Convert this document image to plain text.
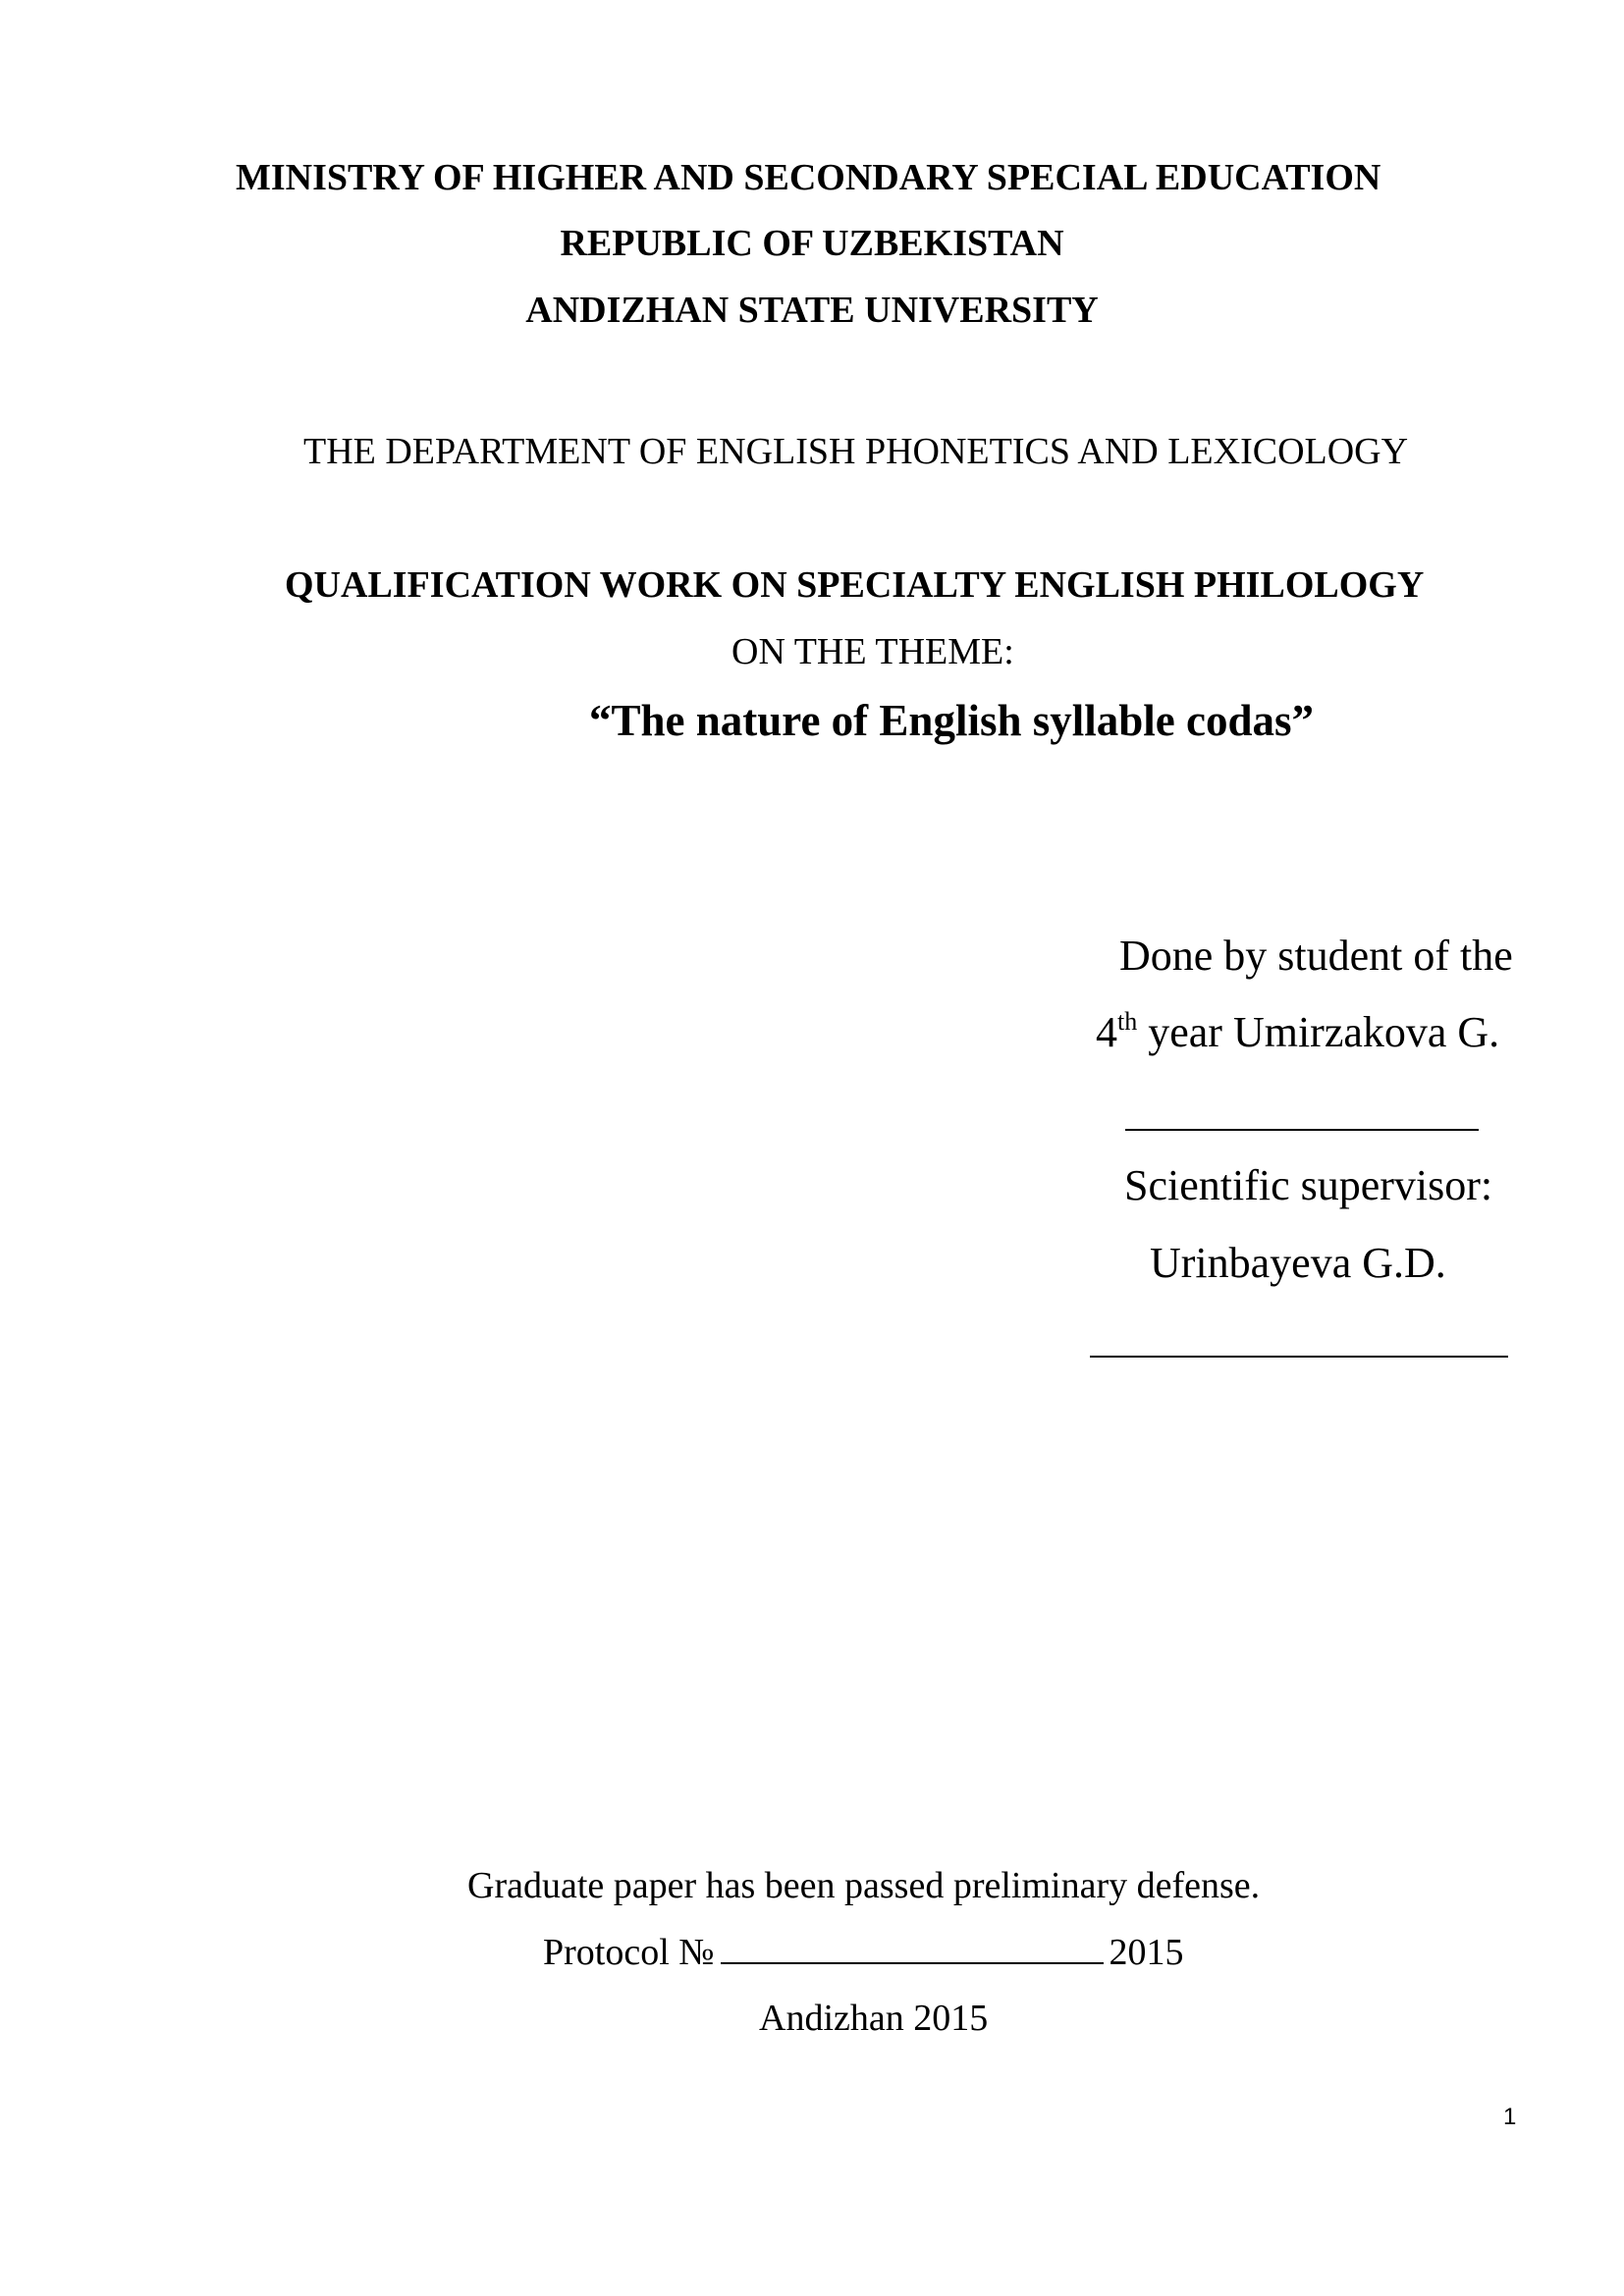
MINISTRY OF HIGHER AND SECONDARY SPECIAL EDUCATION
REPUBLIC OF UZBEKISTAN
ANDIZHAN STATE UNIVERSITY
THE DEPARTMENT OF ENGLISH PHONETICS AND LEXICOLOGY
QUALIFICATION WORK ON SPECIALTY ENGLISH PHILOLOGY
ON THE THEME:
“The nature of English syllable codas”
Done by student of the
4th year Umirzakova G.
Scientific supervisor:
Urinbayeva G.D.
Graduate paper has been passed preliminary defense.
Protocol №	2015
Andizhan 2015
1
